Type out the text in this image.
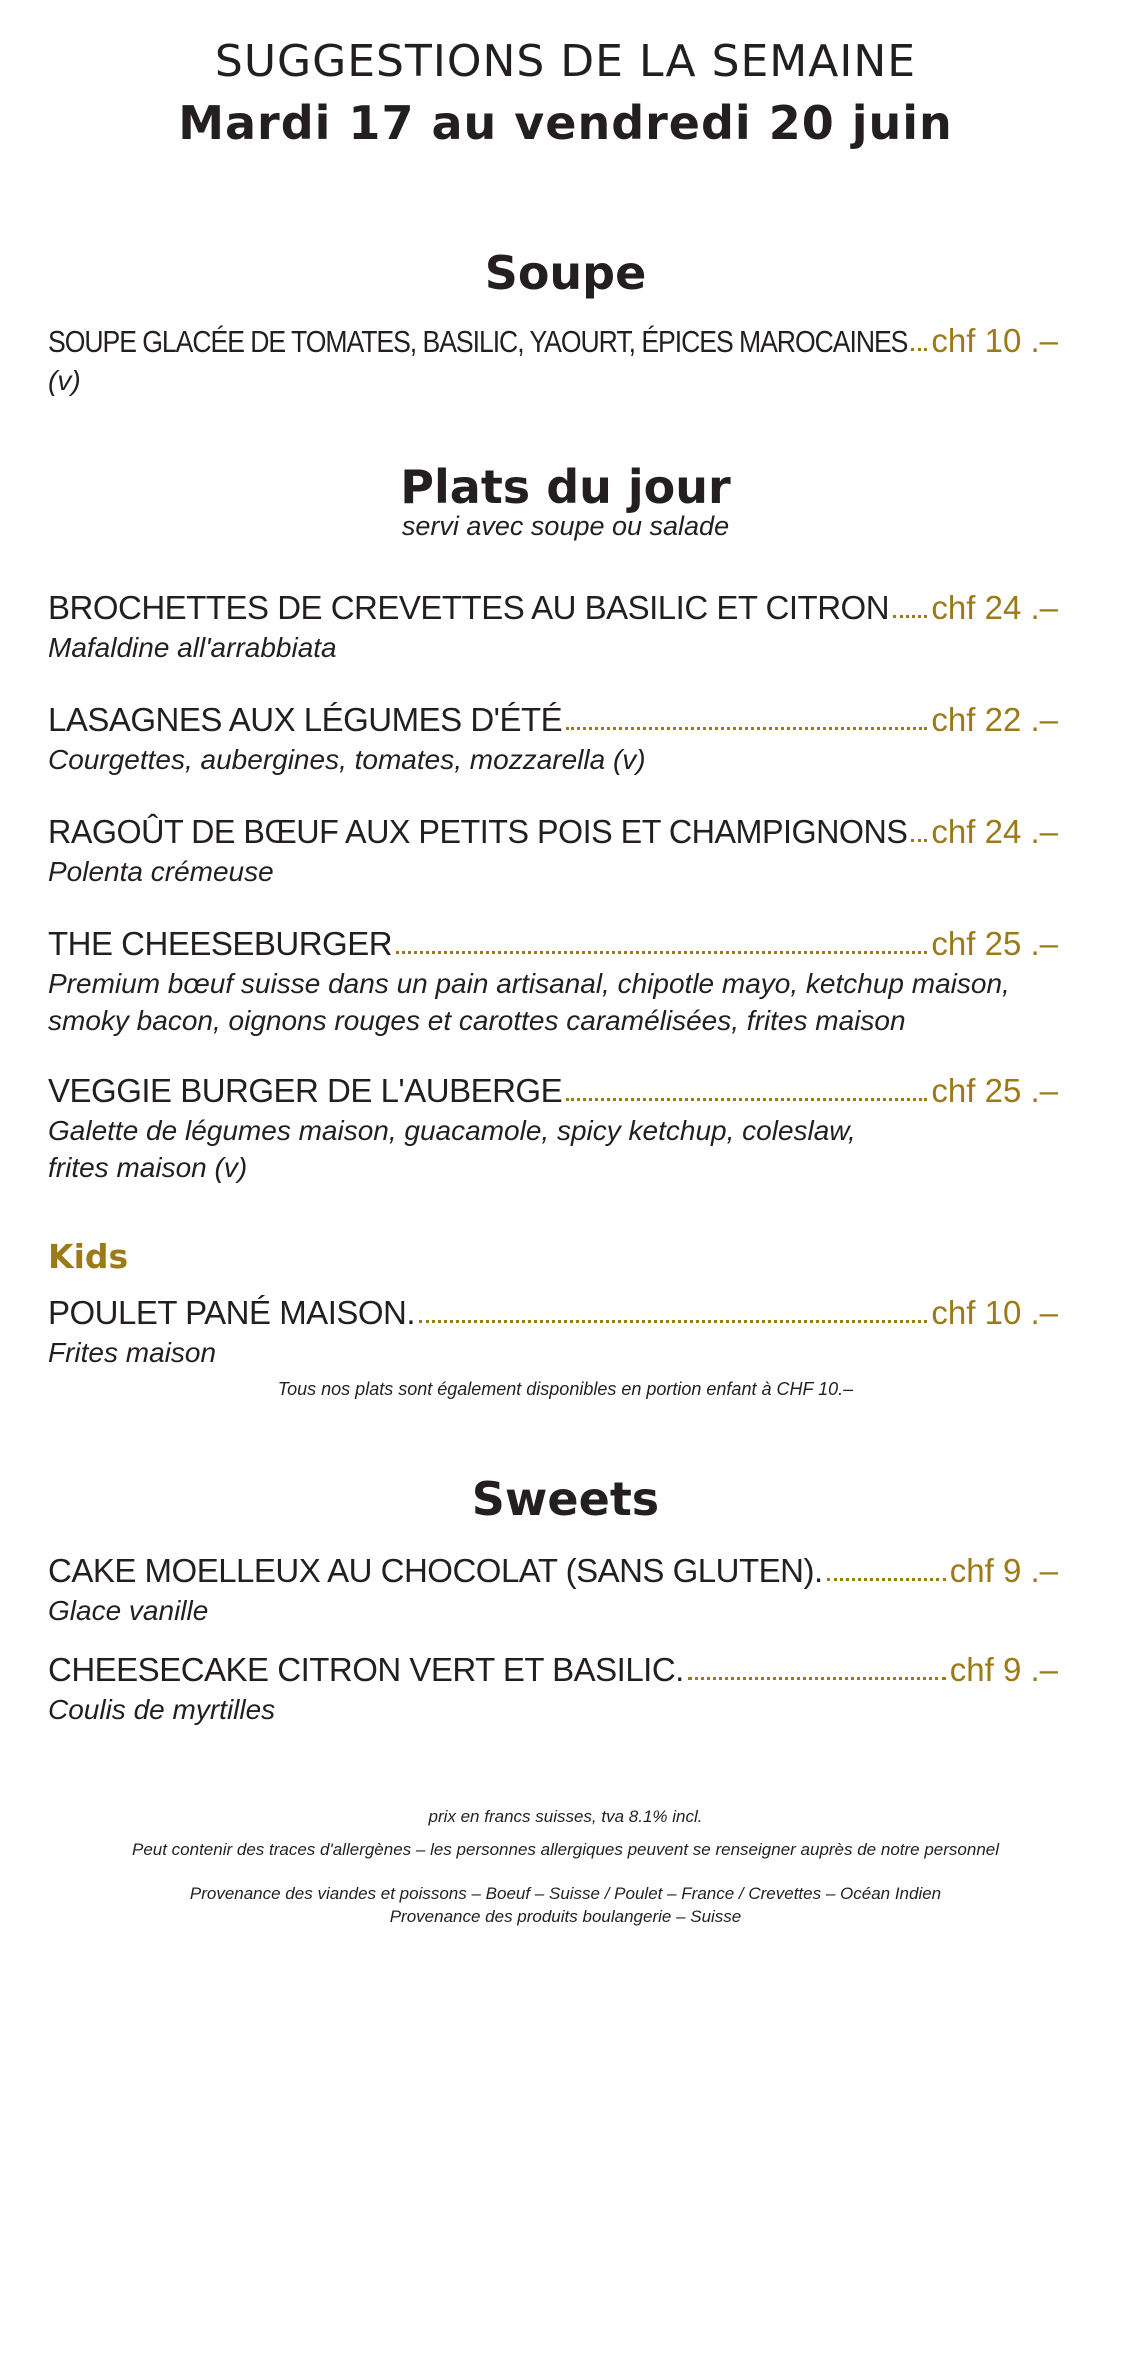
SUGGESTIONS DE LA SEMAINE
Mardi 17 au vendredi 20 juin
Soupe
SOUPE GLACÉE DE TOMATES, BASILIC, YAOURT, ÉPICES MAROCAINES chf 10 .–
(v)
Plats du jour
servi avec soupe ou salade
BROCHETTES DE CREVETTES AU BASILIC ET CITRON chf 24 .–
Mafaldine all'arrabbiata
LASAGNES AUX LÉGUMES D'ÉTÉ	chf 22 .–
Courgettes, aubergines, tomates, mozzarella (v)
RAGOÛT DE BŒUF AUX PETITS POIS ET CHAMPIGNONS chf 24 .–
Polenta crémeuse
THE CHEESEBURGER	chf 25 .–
Premium bœuf suisse dans un pain artisanal, chipotle mayo, ketchup maison,
smoky bacon, oignons rouges et carottes caramélisées, frites maison
VEGGIE BURGER DE L'AUBERGE	chf 25 .–
Galette de légumes maison, guacamole, spicy ketchup, coleslaw,
frites maison (v)
Kids
POULET PANÉ MAISON.	chf 10 .–
Frites maison
Tous nos plats sont également disponibles en portion enfant à CHF 10.–
Sweets
CAKE MOELLEUX AU CHOCOLAT (SANS GLUTEN).	chf 9 .–
Glace vanille
CHEESECAKE CITRON VERT ET BASILIC.	chf 9 .–
Coulis de myrtilles
prix en francs suisses, tva 8.1% incl.
Peut contenir des traces d'allergènes – les personnes allergiques peuvent se renseigner auprès de notre personnel
Provenance des viandes et poissons – Boeuf – Suisse / Poulet – France / Crevettes – Océan Indien
Provenance des produits boulangerie – Suisse
